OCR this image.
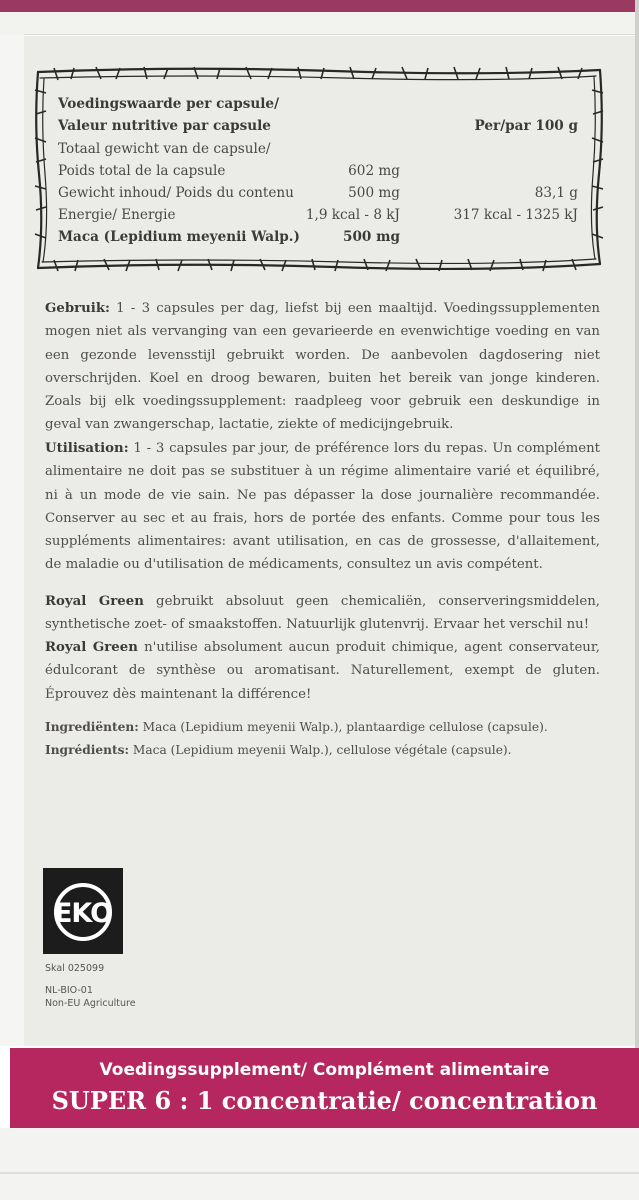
Voedingswaarde per capsule/
Valeur nutritive par capsule	Per/par 100 g
Totaal gewicht van de capsule/
Poids total de la capsule	602 mg
Gewicht inhoud/ Poids du contenu	500 mg	83,1 g
Energie/ Energie	1,9 kcal - 8 kJ	317 kcal - 1325 kJ
Maca (Lepidium meyenii Walp.)	500 mg
Gebruik: 1 - 3 capsules per dag, liefst bij een maaltijd. Voedingssupplementen mogen niet als vervanging van een gevarieerde en evenwichtige voeding en van een gezonde levensstijl gebruikt worden. De aanbevolen dagdosering niet overschrijden. Koel en droog bewaren, buiten het bereik van jonge kinderen. Zoals bij elk voedingssupplement: raadpleeg voor gebruik een deskundige in geval van zwangerschap, lactatie, ziekte of medicijngebruik.
Utilisation: 1 - 3 capsules par jour, de préférence lors du repas. Un complément alimentaire ne doit pas se substituer à un régime alimentaire varié et équilibré, ni à un mode de vie sain. Ne pas dépasser la dose journalière recommandée. Conserver au sec et au frais, hors de portée des enfants. Comme pour tous les suppléments alimentaires: avant utilisation, en cas de grossesse, d'allaitement, de maladie ou d'utilisation de médicaments, consultez un avis compétent.
Royal Green gebruikt absoluut geen chemicaliën, conserveringsmiddelen, synthetische zoet- of smaakstoffen. Natuurlijk glutenvrij. Ervaar het verschil nu!
Royal Green n'utilise absolument aucun produit chimique, agent conservateur, édulcorant de synthèse ou aromatisant. Naturellement, exempt de gluten. Éprouvez dès maintenant la différence!
Ingrediënten: Maca (Lepidium meyenii Walp.), plantaardige cellulose (capsule).
Ingrédients: Maca (Lepidium meyenii Walp.), cellulose végétale (capsule).
EKO
Skal 025099
NL-BIO-01
Non-EU Agriculture
Voedingssupplement/ Complément alimentaire
SUPER 6 : 1 concentratie/ concentration
